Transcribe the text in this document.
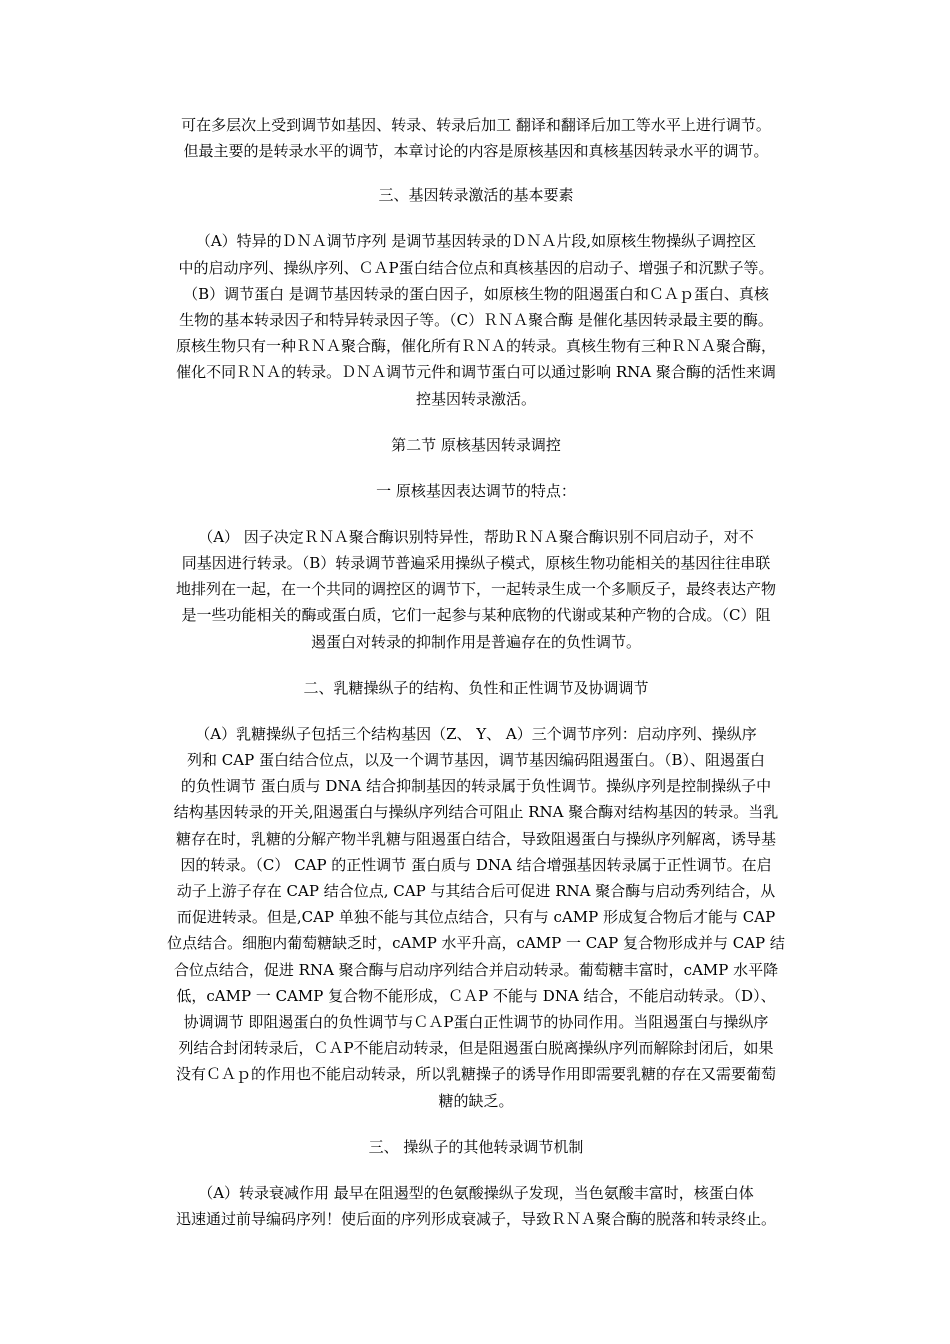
可在多层次上受到调节如基因、转录、转录后加工 翻译和翻译后加工等水平上进行调节。
但最主要的是转录水平的调节，本章讨论的内容是原核基因和真核基因转录水平的调节。

三、基因转录激活的基本要素

（A）特异的ＤＮＡ调节序列 是调节基因转录的ＤＮＡ片段,如原核生物操纵子调控区
中的启动序列、操纵序列、ＣＡP蛋白结合位点和真核基因的启动子、增强子和沉默子等。
（B）调节蛋白 是调节基因转录的蛋白因子，如原核生物的阻遏蛋白和ＣＡｐ蛋白、真核
生物的基本转录因子和特异转录因子等。（C）ＲＮＡ聚合酶 是催化基因转录最主要的酶。
原核生物只有一种ＲＮＡ聚合酶，催化所有ＲＮＡ的转录。真核生物有三种ＲＮＡ聚合酶，
催化不同ＲＮＡ的转录。ＤＮＡ调节元件和调节蛋白可以通过影响 RNA 聚合酶的活性来调
控基因转录激活。

第二节 原核基因转录调控

一 原核基因表达调节的特点：

（A） 因子决定ＲＮＡ聚合酶识别特异性，帮助ＲＮＡ聚合酶识别不同启动子，对不
同基因进行转录。（B）转录调节普遍采用操纵子模式，原核生物功能相关的基因往往串联
地排列在一起，在一个共同的调控区的调节下，一起转录生成一个多顺反子，最终表达产物
是一些功能相关的酶或蛋白质，它们一起参与某种底物的代谢或某种产物的合成。（C）阻
遏蛋白对转录的抑制作用是普遍存在的负性调节。

二、乳糖操纵子的结构、负性和正性调节及协调调节

（A）乳糖操纵子包括三个结构基因（Z、 Y、 A）三个调节序列：启动序列、操纵序
列和 CAP 蛋白结合位点，以及一个调节基因，调节基因编码阻遏蛋白。（B）、阻遏蛋白
的负性调节 蛋白质与 DNA 结合抑制基因的转录属于负性调节。操纵序列是控制操纵子中
结构基因转录的开关,阻遏蛋白与操纵序列结合可阻止 RNA 聚合酶对结构基因的转录。当乳
糖存在时，乳糖的分解产物半乳糖与阻遏蛋白结合，导致阻遏蛋白与操纵序列解离，诱导基
因的转录。（C） CAP 的正性调节 蛋白质与 DNA 结合增强基因转录属于正性调节。在启
动子上游子存在 CAP 结合位点, CAP 与其结合后可促进 RNA 聚合酶与启动秀列结合，从
而促进转录。但是,CAP 单独不能与其位点结合，只有与 cAMP 形成复合物后才能与 CAP
位点结合。细胞内葡萄糖缺乏时，cAMP 水平升高，cAMP 一 CAP 复合物形成并与 CAP 结
合位点结合，促进 RNA 聚合酶与启动序列结合并启动转录。葡萄糖丰富时，cAMP 水平降
低，cAMP 一 CAMP 复合物不能形成，ＣＡP 不能与 DNA 结合，不能启动转录。（D）、
协调调节 即阻遏蛋白的负性调节与ＣＡP蛋白正性调节的协同作用。当阻遏蛋白与操纵序
列结合封闭转录后，ＣＡP不能启动转录，但是阻遏蛋白脱离操纵序列而解除封闭后，如果
没有ＣＡｐ的作用也不能启动转录，所以乳糖操子的诱导作用即需要乳糖的存在又需要葡萄
糖的缺乏。

三、 操纵子的其他转录调节机制

（A）转录衰减作用 最早在阻遏型的色氨酸操纵子发现，当色氨酸丰富时，核蛋白体
迅速通过前导编码序列！使后面的序列形成衰减子，导致ＲＮＡ聚合酶的脱落和转录终止。
